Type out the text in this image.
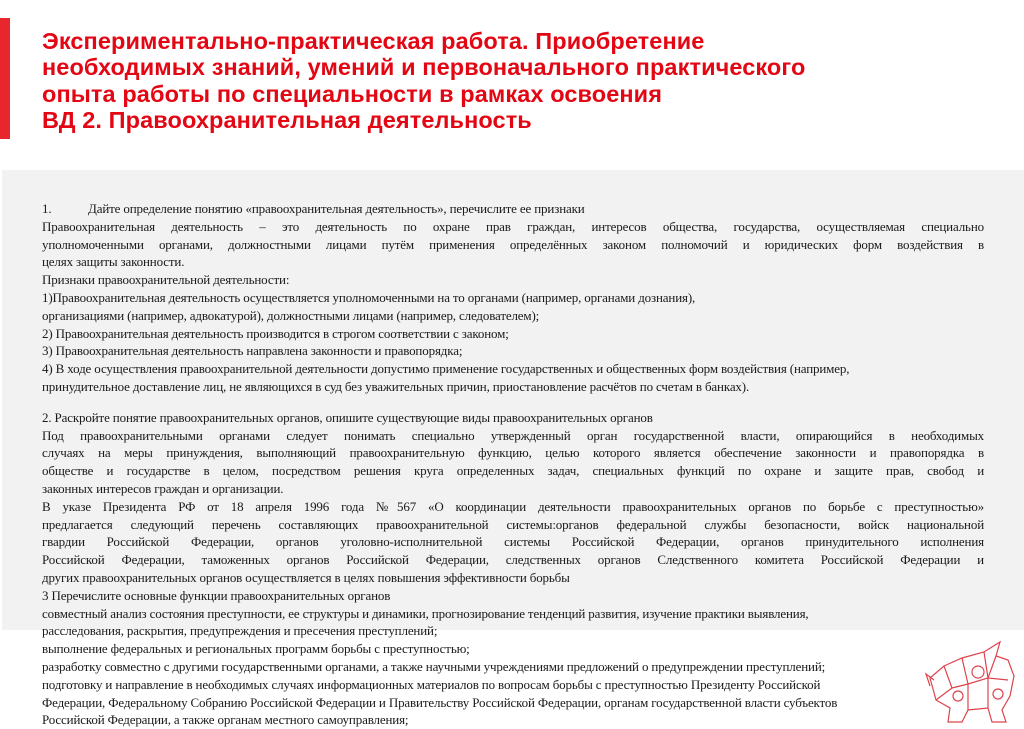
Экспериментально-практическая работа. Приобретение
необходимых знаний, умений и первоначального практического
опыта работы по специальности в рамках освоения
ВД 2. Правоохранительная деятельность
1.	Дайте определение понятию «правоохранительная деятельность», перечислите ее признаки
Правоохранительная деятельность – это деятельность по охране прав граждан, интересов общества, государства, осуществляемая специально
уполномоченными органами, должностными лицами путём применения определённых законом полномочий и юридических форм воздействия в
целях защиты законности.
Признаки правоохранительной деятельности:
1)Правоохранительная деятельность осуществляется уполномоченными на то органами (например, органами дознания),
организациями (например, адвокатурой), должностными лицами (например, следователем);
2) Правоохранительная деятельность производится в строгом соответствии с законом;
3) Правоохранительная деятельность направлена законности и правопорядка;
4) В ходе осуществления правоохранительной деятельности допустимо применение государственных и общественных форм воздействия (например,
принудительное доставление лиц, не являющихся в суд без уважительных причин, приостановление расчётов по счетам в банках).
2. Раскройте понятие правоохранительных органов, опишите существующие виды правоохранительных органов
Под правоохранительными органами следует понимать специально утвержденный орган государственной власти, опирающийся в необходимых
случаях на меры принуждения, выполняющий правоохранительную функцию, целью которого является обеспечение законности и правопорядка в
обществе и государстве в целом, посредством решения круга определенных задач, специальных функций по охране и защите прав, свобод и
законных интересов граждан и организации.
В указе Президента РФ от 18 апреля 1996 года №567 «О координации деятельности правоохранительных органов по борьбе с преступностью»
предлагается следующий перечень составляющих правоохранительной системы:органов федеральной службы безопасности, войск национальной
гвардии Российской Федерации, органов уголовно-исполнительной системы Российской Федерации, органов принудительного исполнения
Российской Федерации, таможенных органов Российской Федерации, следственных органов Следственного комитета Российской Федерации и
других правоохранительных органов осуществляется в целях повышения эффективности борьбы
3 Перечислите основные функции правоохранительных органов
совместный анализ состояния преступности, ее структуры и динамики, прогнозирование тенденций развития, изучение практики выявления,
расследования, раскрытия, предупреждения и пресечения преступлений;
выполнение федеральных и региональных программ борьбы с преступностью;
разработку совместно с другими государственными органами, а также научными учреждениями предложений о предупреждении преступлений;
подготовку и направление в необходимых случаях информационных материалов по вопросам борьбы с преступностью Президенту Российской
Федерации, Федеральному Собранию Российской Федерации и Правительству Российской Федерации, органам государственной власти субъектов
Российской Федерации, а также органам местного самоуправления;
